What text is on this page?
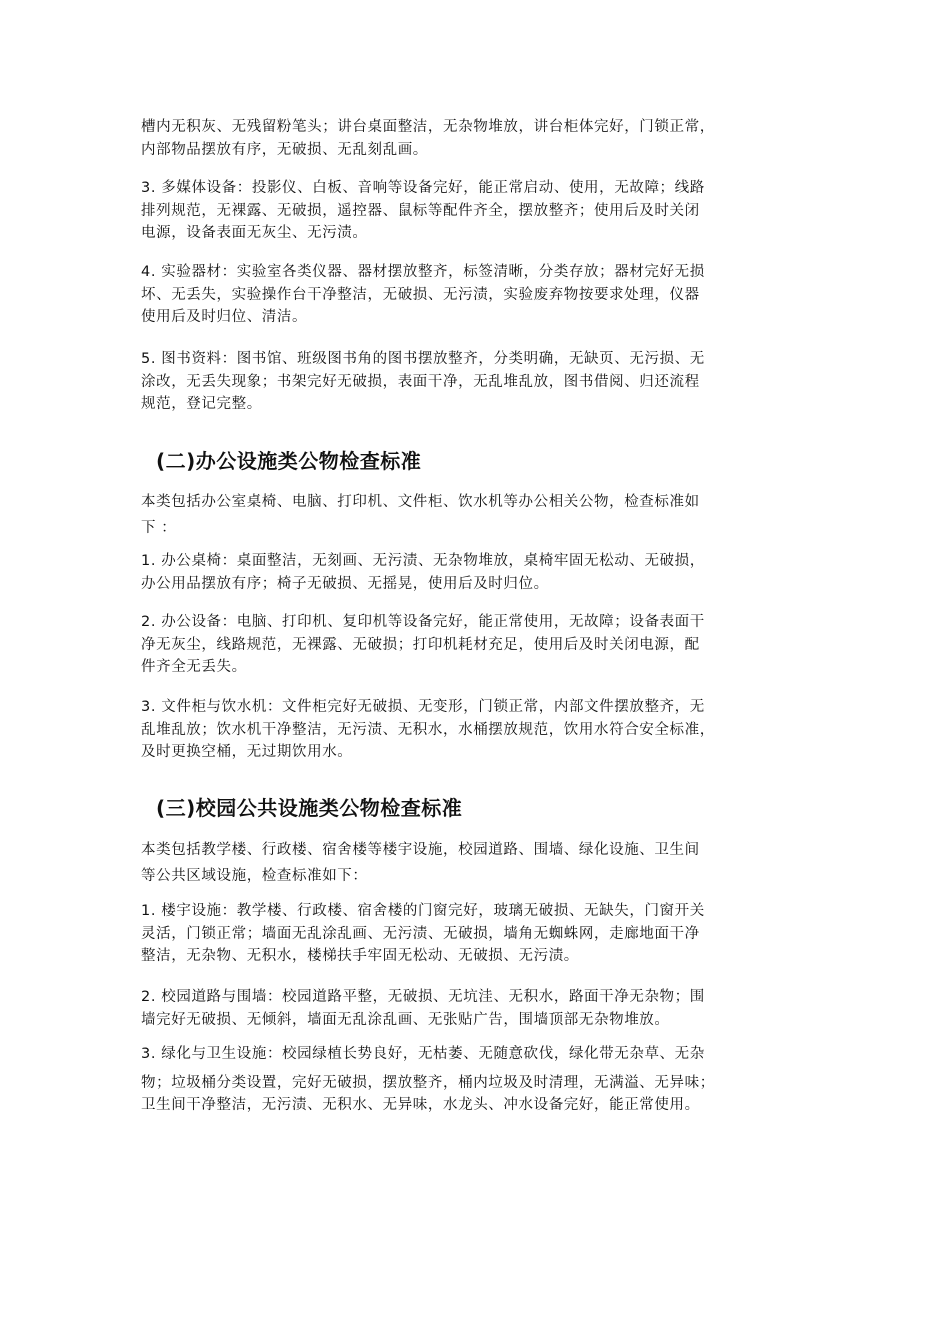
槽内无积灰、无残留粉笔头；讲台桌面整洁，无杂物堆放，讲台柜体完好，门锁正常，
内部物品摆放有序，无破损、无乱刻乱画。
3. 多媒体设备：投影仪、白板、音响等设备完好，能正常启动、使用，无故障；线路
排列规范，无裸露、无破损，遥控器、鼠标等配件齐全，摆放整齐；使用后及时关闭
电源，设备表面无灰尘、无污渍。
4. 实验器材：实验室各类仪器、器材摆放整齐，标签清晰，分类存放；器材完好无损
坏、无丢失，实验操作台干净整洁，无破损、无污渍，实验废弃物按要求处理，仪器
使用后及时归位、清洁。
5. 图书资料：图书馆、班级图书角的图书摆放整齐，分类明确，无缺页、无污损、无
涂改，无丢失现象；书架完好无破损，表面干净，无乱堆乱放，图书借阅、归还流程
规范，登记完整。
(二)办公设施类公物检查标准
本类包括办公室桌椅、电脑、打印机、文件柜、饮水机等办公相关公物，检查标准如
下 ：
1. 办公桌椅：桌面整洁，无刻画、无污渍、无杂物堆放，桌椅牢固无松动、无破损，
办公用品摆放有序；椅子无破损、无摇晃，使用后及时归位。
2. 办公设备：电脑、打印机、复印机等设备完好，能正常使用，无故障；设备表面干
净无灰尘，线路规范，无裸露、无破损；打印机耗材充足，使用后及时关闭电源，配
件齐全无丢失。
3. 文件柜与饮水机：文件柜完好无破损、无变形，门锁正常，内部文件摆放整齐，无
乱堆乱放；饮水机干净整洁，无污渍、无积水，水桶摆放规范，饮用水符合安全标准，
及时更换空桶，无过期饮用水。
(三)校园公共设施类公物检查标准
本类包括教学楼、行政楼、宿舍楼等楼宇设施，校园道路、围墙、绿化设施、卫生间
等公共区域设施，检查标准如下：
1. 楼宇设施：教学楼、行政楼、宿舍楼的门窗完好，玻璃无破损、无缺失，门窗开关
灵活，门锁正常；墙面无乱涂乱画、无污渍、无破损，墙角无蜘蛛网，走廊地面干净
整洁，无杂物、无积水，楼梯扶手牢固无松动、无破损、无污渍。
2. 校园道路与围墙：校园道路平整，无破损、无坑洼、无积水，路面干净无杂物；围
墙完好无破损、无倾斜，墙面无乱涂乱画、无张贴广告，围墙顶部无杂物堆放。
3. 绿化与卫生设施：校园绿植长势良好，无枯萎、无随意砍伐，绿化带无杂草、无杂
物；垃圾桶分类设置，完好无破损，摆放整齐，桶内垃圾及时清理，无满溢、无异味；
卫生间干净整洁，无污渍、无积水、无异味，水龙头、冲水设备完好，能正常使用。
